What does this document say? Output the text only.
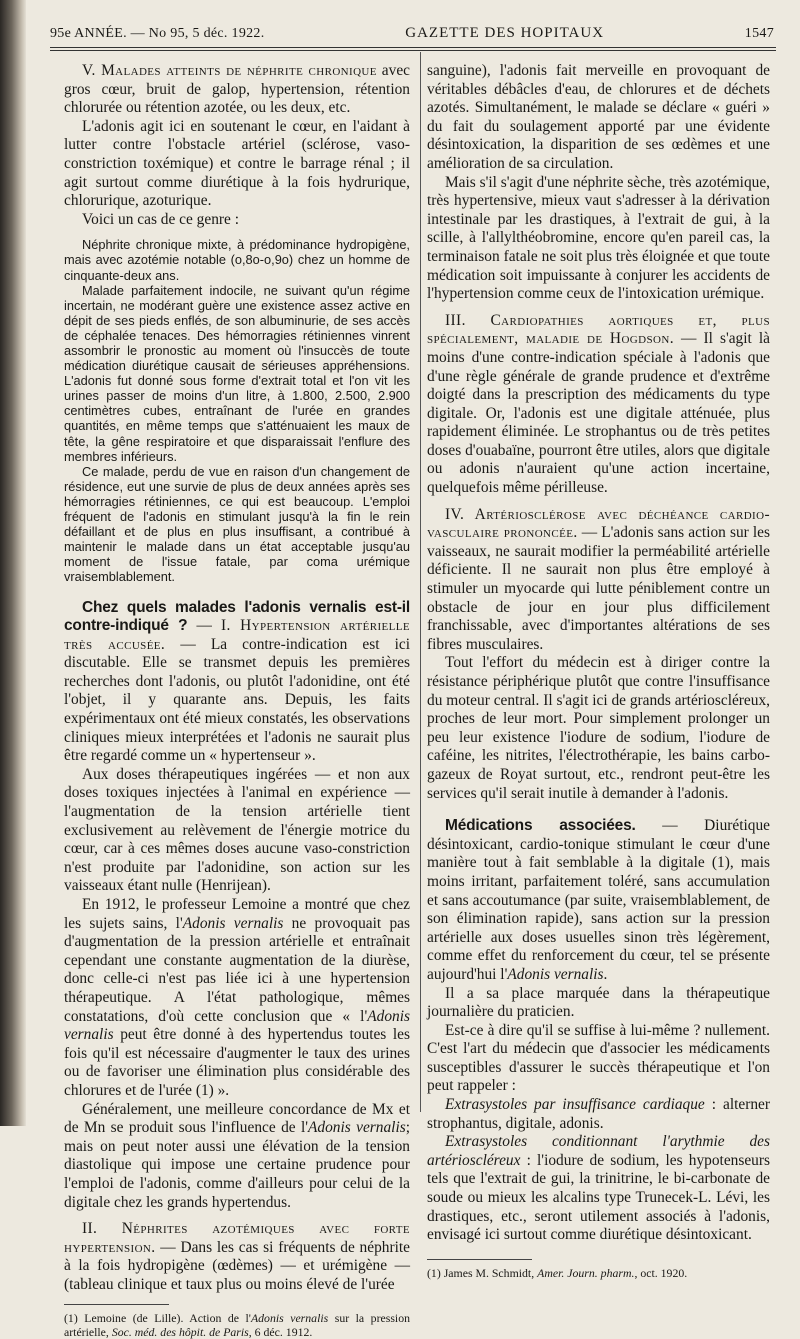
95e ANNÉE. — No 95, 5 déc. 1922.	GAZETTE DES HOPITAUX	1547

V. Malades atteints de néphrite chronique avec gros cœur, bruit de galop, hypertension, rétention chlorurée ou rétention azotée, ou les deux, etc.

L'adonis agit ici en soutenant le cœur, en l'aidant à lutter contre l'obstacle artériel (sclérose, vaso-constriction toxémique) et contre le barrage rénal ; il agit surtout comme diurétique à la fois hydrurique, chlorurique, azoturique.

Voici un cas de ce genre :

Néphrite chronique mixte, à prédominance hydropigène, mais avec azotémie notable (o,8o-o,9o) chez un homme de cinquante-deux ans.

Malade parfaitement indocile, ne suivant qu'un régime incertain, ne modérant guère une existence assez active en dépit de ses pieds enflés, de son albuminurie, de ses accès de céphalée tenaces. Des hémorragies rétiniennes vinrent assombrir le pronostic au moment où l'insuccès de toute médication diurétique causait de sérieuses appréhensions. L'adonis fut donné sous forme d'extrait total et l'on vit les urines passer de moins d'un litre, à 1.800, 2.500, 2.900 centimètres cubes, entraînant de l'urée en grandes quantités, en même temps que s'atténuaient les maux de tête, la gêne respiratoire et que disparaissait l'enflure des membres inférieurs.

Ce malade, perdu de vue en raison d'un changement de résidence, eut une survie de plus de deux années après ses hémorragies rétiniennes, ce qui est beaucoup. L'emploi fréquent de l'adonis en stimulant jusqu'à la fin le rein défaillant et de plus en plus insuffisant, a contribué à maintenir le malade dans un état acceptable jusqu'au moment de l'issue fatale, par coma urémique vraisemblablement.

Chez quels malades l'adonis vernalis est-il contre-indiqué ? — I. Hypertension artérielle très accusée. — La contre-indication est ici discutable. Elle se transmet depuis les premières recherches dont l'adonis, ou plutôt l'adonidine, ont été l'objet, il y quarante ans. Depuis, les faits expérimentaux ont été mieux constatés, les observations cliniques mieux interprétées et l'adonis ne saurait plus être regardé comme un « hypertenseur ».

Aux doses thérapeutiques ingérées — et non aux doses toxiques injectées à l'animal en expérience — l'augmentation de la tension artérielle tient exclusivement au relèvement de l'énergie motrice du cœur, car à ces mêmes doses aucune vaso-constriction n'est produite par l'adonidine, son action sur les vaisseaux étant nulle (Henrijean).

En 1912, le professeur Lemoine a montré que chez les sujets sains, l'Adonis vernalis ne provoquait pas d'augmentation de la pression artérielle et entraînait cependant une constante augmentation de la diurèse, donc celle-ci n'est pas liée ici à une hypertension thérapeutique. A l'état pathologique, mêmes constatations, d'où cette conclusion que « l'Adonis vernalis peut être donné à des hypertendus toutes les fois qu'il est nécessaire d'augmenter le taux des urines ou de favoriser une élimination plus considérable des chlorures et de l'urée (1) ».

Généralement, une meilleure concordance de Mx et de Mn se produit sous l'influence de l'Adonis vernalis; mais on peut noter aussi une élévation de la tension diastolique qui impose une certaine prudence pour l'emploi de l'adonis, comme d'ailleurs pour celui de la digitale chez les grands hypertendus.

II. Néphrites azotémiques avec forte hypertension. — Dans les cas si fréquents de néphrite à la fois hydropigène (œdèmes) — et urémigène — (tableau clinique et taux plus ou moins élevé de l'urée

(1) Lemoine (de Lille). Action de l'Adonis vernalis sur la pression artérielle, Soc. méd. des hôpit. de Paris, 6 déc. 1912.

sanguine), l'adonis fait merveille en provoquant de véritables débâcles d'eau, de chlorures et de déchets azotés. Simultanément, le malade se déclare « guéri » du fait du soulagement apporté par une évidente désintoxication, la disparition de ses œdèmes et une amélioration de sa circulation.

Mais s'il s'agit d'une néphrite sèche, très azotémique, très hypertensive, mieux vaut s'adresser à la dérivation intestinale par les drastiques, à l'extrait de gui, à la scille, à l'allylthéobromine, encore qu'en pareil cas, la terminaison fatale ne soit plus très éloignée et que toute médication soit impuissante à conjurer les accidents de l'hypertension comme ceux de l'intoxication urémique.

III. Cardiopathies aortiques et, plus spécialement, maladie de Hogdson. — Il s'agit là moins d'une contre-indication spéciale à l'adonis que d'une règle générale de grande prudence et d'extrême doigté dans la prescription des médicaments du type digitale. Or, l'adonis est une digitale atténuée, plus rapidement éliminée. Le strophantus ou de très petites doses d'ouabaïne, pourront être utiles, alors que digitale ou adonis n'auraient qu'une action incertaine, quelquefois même périlleuse.

IV. Artériosclérose avec déchéance cardio-vasculaire prononcée. — L'adonis sans action sur les vaisseaux, ne saurait modifier la perméabilité artérielle déficiente. Il ne saurait non plus être employé à stimuler un myocarde qui lutte péniblement contre un obstacle de jour en jour plus difficilement franchissable, avec d'importantes altérations de ses fibres musculaires.

Tout l'effort du médecin est à diriger contre la résistance périphérique plutôt que contre l'insuffisance du moteur central. Il s'agit ici de grands artérioscléreux, proches de leur mort. Pour simplement prolonger un peu leur existence l'iodure de sodium, l'iodure de caféine, les nitrites, l'électrothérapie, les bains carbo-gazeux de Royat surtout, etc., rendront peut-être les services qu'il serait inutile à demander à l'adonis.

Médications associées. — Diurétique désintoxicant, cardio-tonique stimulant le cœur d'une manière tout à fait semblable à la digitale (1), mais moins irritant, parfaitement toléré, sans accumulation et sans accoutumance (par suite, vraisemblablement, de son élimination rapide), sans action sur la pression artérielle aux doses usuelles sinon très légèrement, comme effet du renforcement du cœur, tel se présente aujourd'hui l'Adonis vernalis.

Il a sa place marquée dans la thérapeutique journalière du praticien.

Est-ce à dire qu'il se suffise à lui-même ? nullement. C'est l'art du médecin que d'associer les médicaments susceptibles d'assurer le succès thérapeutique et l'on peut rappeler :

Extrasystoles par insuffisance cardiaque : alterner strophantus, digitale, adonis.

Extrasystoles conditionnant l'arythmie des artérioscléreux : l'iodure de sodium, les hypotenseurs tels que l'extrait de gui, la trinitrine, le bi-carbonate de soude ou mieux les alcalins type Trunecek-L. Lévi, les drastiques, etc., seront utilement associés à l'adonis, envisagé ici surtout comme diurétique désintoxicant.

(1) James M. Schmidt, Amer. Journ. pharm., oct. 1920.
